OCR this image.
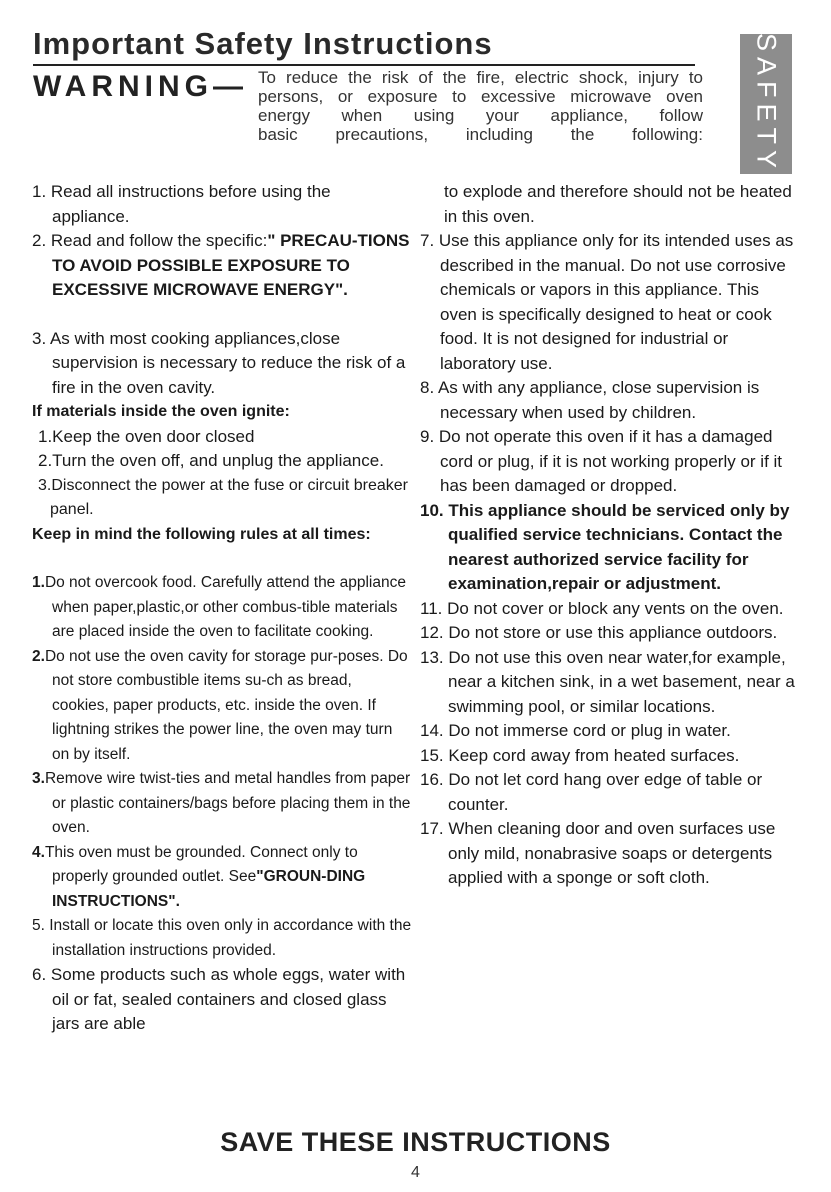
Important Safety Instructions
WARNING— To reduce the risk of the fire, electric shock, injury to
persons, or exposure to excessive microwave oven
energy when using your appliance, follow
basic precautions, including the following: SAFETY

1. Read all instructions before using the appliance.

2. Read and follow the specific:" PRECAU-TIONS TO AVOID POSSIBLE EXPOSURE TO EXCESSIVE MICROWAVE ENERGY".

3. As with most cooking appliances,close supervision is necessary to reduce the risk of a fire in the oven cavity.

If materials inside the oven ignite:

1.Keep the oven door closed

2.Turn the oven off, and unplug the appliance.

3.Disconnect the power at the fuse or circuit breaker panel.

Keep in mind the following rules at all times:

1.Do not overcook food. Carefully attend the appliance when paper,plastic,or other combus-tible materials are placed inside the oven to facilitate cooking.

2.Do not use the oven cavity for storage pur-poses. Do not store combustible items su-ch as bread, cookies, paper products, etc. inside the oven. If lightning strikes the power line, the oven may turn on by itself.

3.Remove wire twist-ties and metal handles from paper or plastic containers/bags before placing them in the oven.

4.This oven must be grounded. Connect only to properly grounded outlet. See"GROUN-DING INSTRUCTIONS".

5. Install or locate this oven only in accordance with the installation instructions provided.

6. Some products such as whole eggs, water with oil or fat, sealed containers and closed glass jars are able

to explode and therefore should not be heated in this oven.

7. Use this appliance only for its intended uses as described in the manual. Do not use corrosive chemicals or vapors in this appliance. This oven is specifically designed to heat or cook food. It is not designed for industrial or laboratory use.

8. As with any appliance, close supervision is necessary when used by children.

9. Do not operate this oven if it has a damaged cord or plug, if it is not working properly or if it has been damaged or dropped.

10. This appliance should be serviced only by qualified service technicians. Contact the nearest authorized service facility for examination,repair or adjustment.

11. Do not cover or block any vents on the oven.

12. Do not store or use this appliance outdoors.

13. Do not use this oven near water,for example, near a kitchen sink, in a wet basement, near a swimming pool, or similar locations.

14. Do not immerse cord or plug in water.

15. Keep cord away from heated surfaces.

16. Do not let cord hang over edge of table or counter.

17. When cleaning door and oven surfaces use only mild, nonabrasive soaps or detergents applied with a sponge or soft cloth.

SAVE THESE INSTRUCTIONS
4
